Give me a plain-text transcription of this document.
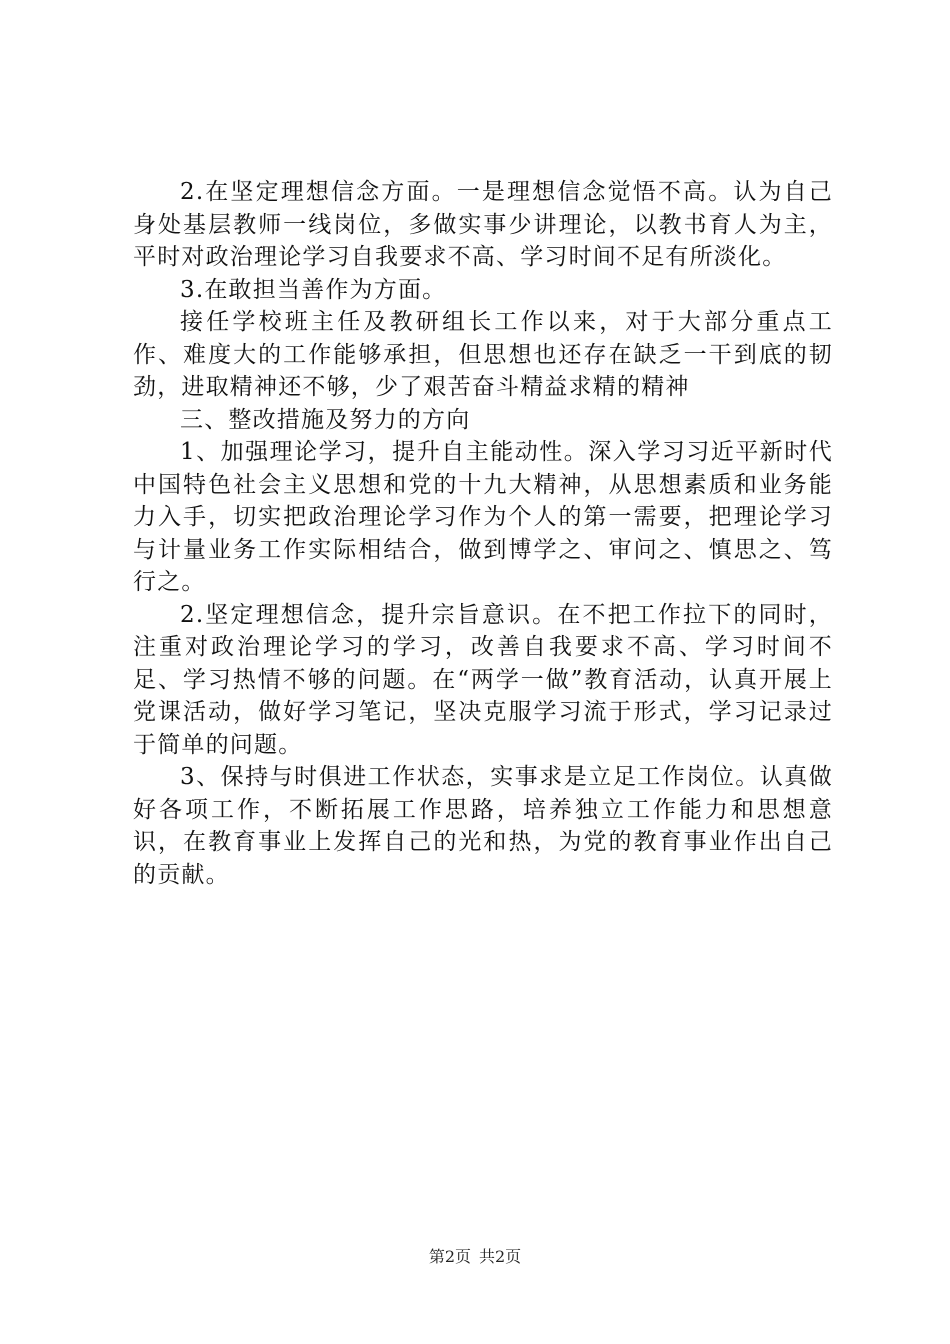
2.在坚定理想信念方面。一是理想信念觉悟不高。认为自己身处基层教师一线岗位，多做实事少讲理论，以教书育人为主，平时对政治理论学习自我要求不高、学习时间不足有所淡化。

3.在敢担当善作为方面。

接任学校班主任及教研组长工作以来，对于大部分重点工作、难度大的工作能够承担，但思想也还存在缺乏一干到底的韧劲，进取精神还不够，少了艰苦奋斗精益求精的精神

三、整改措施及努力的方向

1、加强理论学习，提升自主能动性。深入学习习近平新时代中国特色社会主义思想和党的十九大精神，从思想素质和业务能力入手，切实把政治理论学习作为个人的第一需要，把理论学习与计量业务工作实际相结合，做到博学之、审问之、慎思之、笃行之。

2.坚定理想信念，提升宗旨意识。在不把工作拉下的同时，注重对政治理论学习的学习，改善自我要求不高、学习时间不足、学习热情不够的问题。在“两学一做”教育活动，认真开展上党课活动，做好学习笔记，坚决克服学习流于形式，学习记录过于简单的问题。

3、保持与时俱进工作状态，实事求是立足工作岗位。认真做好各项工作，不断拓展工作思路，培养独立工作能力和思想意识，在教育事业上发挥自己的光和热，为党的教育事业作出自己的贡献。

第2页 共2页
